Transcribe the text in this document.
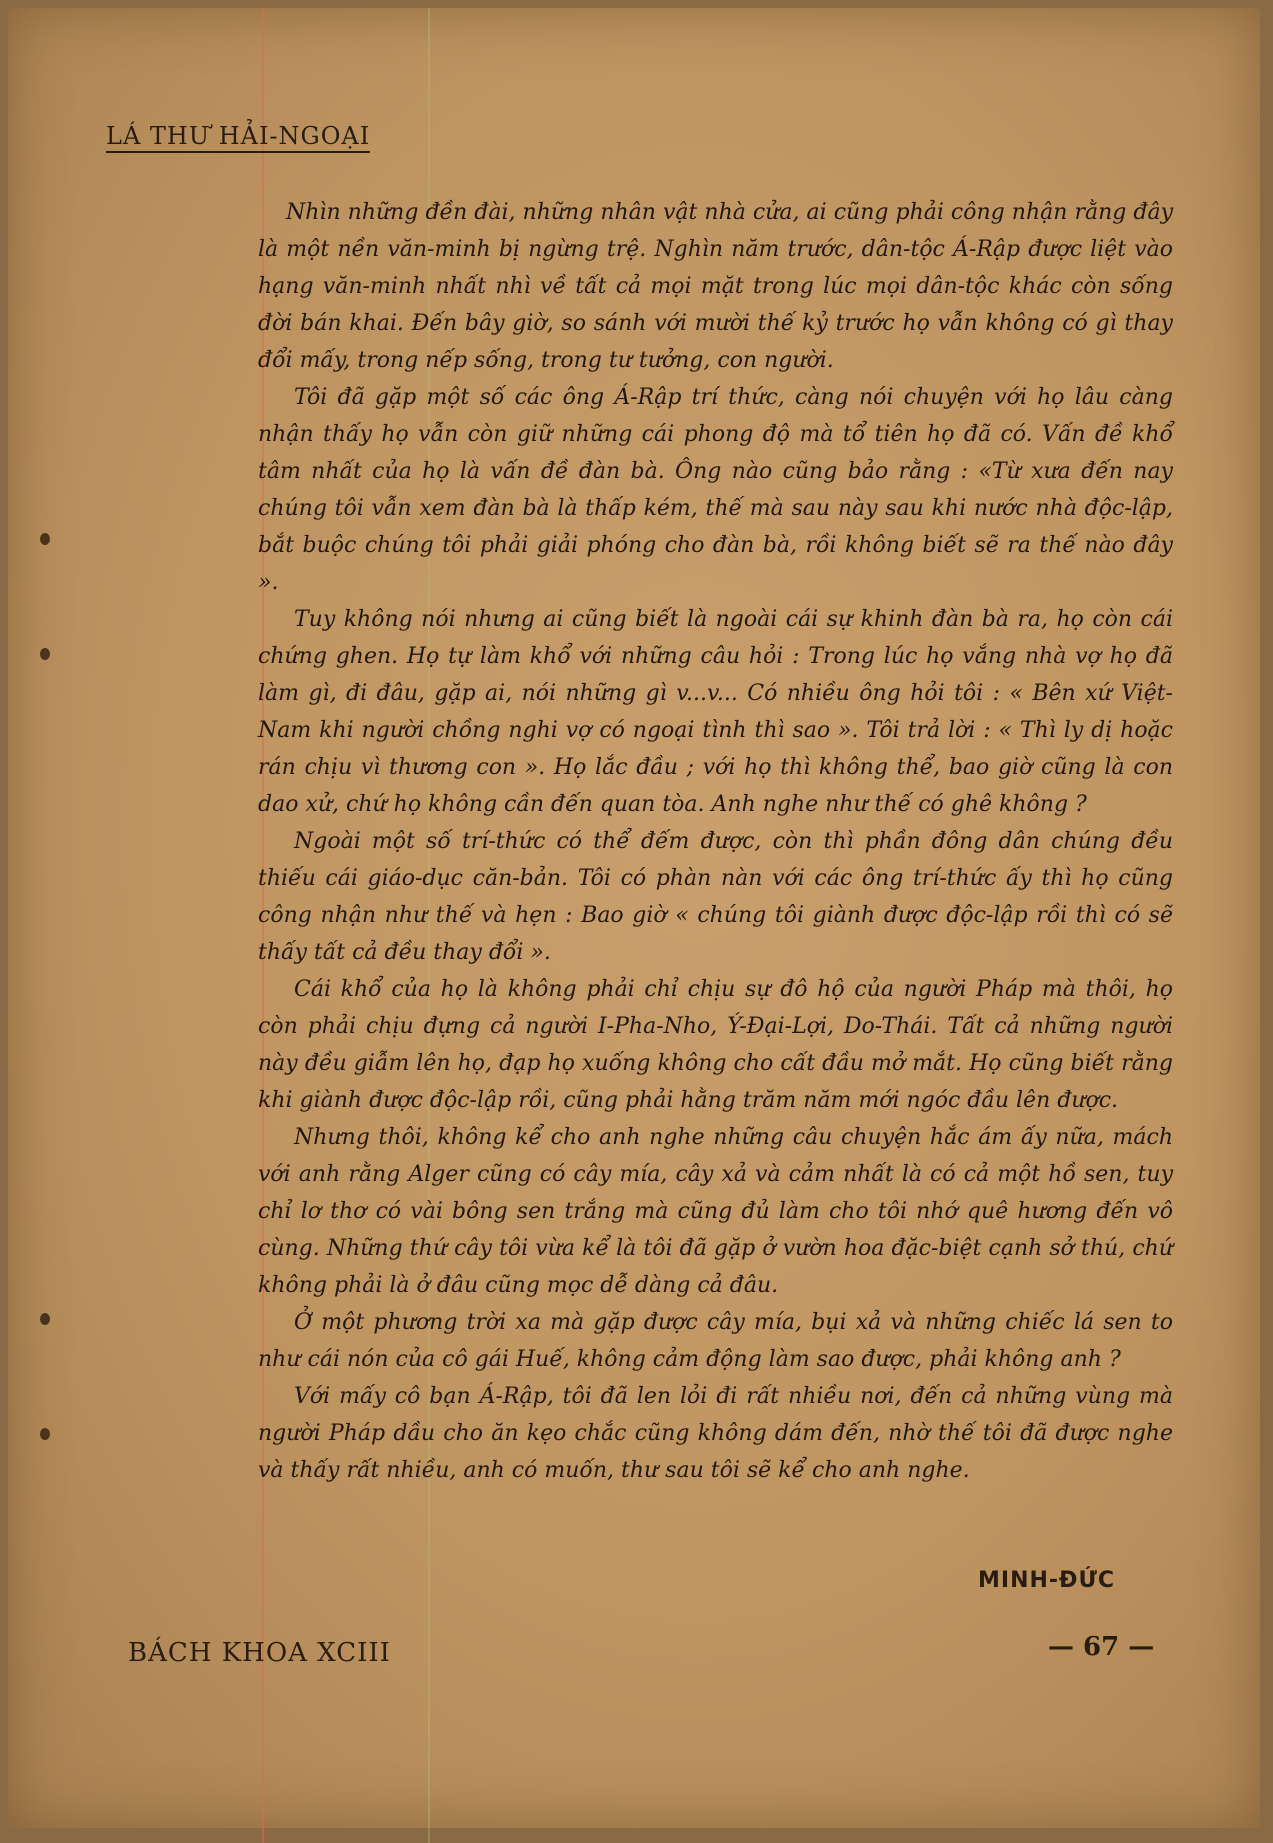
LÁ THƯ HẢI-NGOẠI

Nhìn những đền đài, những nhân vật nhà cửa, ai cũng phải công nhận rằng đây là một nền văn-minh bị ngừng trệ. Nghìn năm trước, dân-tộc Á-Rập được liệt vào hạng văn-minh nhất nhì về tất cả mọi mặt trong lúc mọi dân-tộc khác còn sống đời bán khai. Đến bây giờ, so sánh với mười thế kỷ trước họ vẫn không có gì thay đổi mấy, trong nếp sống, trong tư tưởng, con người.

Tôi đã gặp một số các ông Á-Rập trí thức, càng nói chuyện với họ lâu càng nhận thấy họ vẫn còn giữ những cái phong độ mà tổ tiên họ đã có. Vấn đề khổ tâm nhất của họ là vấn đề đàn bà. Ông nào cũng bảo rằng : «Từ xưa đến nay chúng tôi vẫn xem đàn bà là thấp kém, thế mà sau này sau khi nước nhà độc-lập, bắt buộc chúng tôi phải giải phóng cho đàn bà, rồi không biết sẽ ra thế nào đây ».

Tuy không nói nhưng ai cũng biết là ngoài cái sự khinh đàn bà ra, họ còn cái chứng ghen. Họ tự làm khổ với những câu hỏi : Trong lúc họ vắng nhà vợ họ đã làm gì, đi đâu, gặp ai, nói những gì v...v... Có nhiều ông hỏi tôi : « Bên xứ Việt-Nam khi người chồng nghi vợ có ngoại tình thì sao ». Tôi trả lời : « Thì ly dị hoặc rán chịu vì thương con ». Họ lắc đầu ; với họ thì không thể, bao giờ cũng là con dao xử, chứ họ không cần đến quan tòa. Anh nghe như thế có ghê không ?

Ngoài một số trí-thức có thể đếm được, còn thì phần đông dân chúng đều thiếu cái giáo-dục căn-bản. Tôi có phàn nàn với các ông trí-thức ấy thì họ cũng công nhận như thế và hẹn : Bao giờ « chúng tôi giành được độc-lập rồi thì có sẽ thấy tất cả đều thay đổi ».

Cái khổ của họ là không phải chỉ chịu sự đô hộ của người Pháp mà thôi, họ còn phải chịu đựng cả người I-Pha-Nho, Ý-Đại-Lợi, Do-Thái. Tất cả những người này đều giẫm lên họ, đạp họ xuống không cho cất đầu mở mắt. Họ cũng biết rằng khi giành được độc-lập rồi, cũng phải hằng trăm năm mới ngóc đầu lên được.

Nhưng thôi, không kể cho anh nghe những câu chuyện hắc ám ấy nữa, mách với anh rằng Alger cũng có cây mía, cây xả và cảm nhất là có cả một hồ sen, tuy chỉ lơ thơ có vài bông sen trắng mà cũng đủ làm cho tôi nhớ quê hương đến vô cùng. Những thứ cây tôi vừa kể là tôi đã gặp ở vườn hoa đặc-biệt cạnh sở thú, chứ không phải là ở đâu cũng mọc dễ dàng cả đâu.

Ở một phương trời xa mà gặp được cây mía, bụi xả và những chiếc lá sen to như cái nón của cô gái Huế, không cảm động làm sao được, phải không anh ?

Với mấy cô bạn Á-Rập, tôi đã len lỏi đi rất nhiều nơi, đến cả những vùng mà người Pháp dầu cho ăn kẹo chắc cũng không dám đến, nhờ thế tôi đã được nghe và thấy rất nhiều, anh có muốn, thư sau tôi sẽ kể cho anh nghe.

MINH-ĐỨC
BÁCH KHOA XCIII	— 67 —
